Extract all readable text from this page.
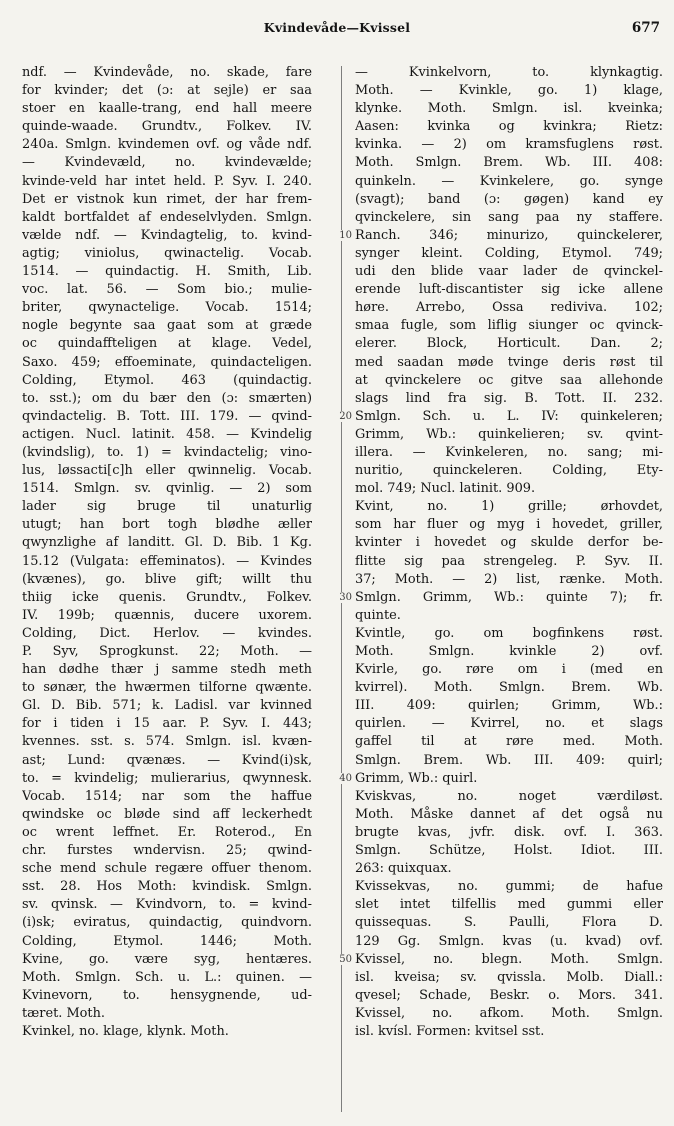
Kvindevåde—Kvissel	677
ndf. — Kvindevåde, no. skade, fare
for kvinder; det (ɔ: at sejle) er saa
stoer en kaalle-trang, end hall meere
quinde-waade. Grundtv., Folkev. IV.
240a. Smlgn. kvindemen ovf. og våde ndf.
— Kvindevæld, no. kvindevælde;
kvinde-veld har intet held. P. Syv. I. 240.
Det er vistnok kun rimet, der har frem-
kaldt bortfaldet af endeselvlyden. Smlgn.
vælde ndf. — Kvindagtelig, to. kvind-
agtig; viniolus, qwinactelig. Vocab.
1514. — quindactig. H. Smith, Lib.
voc. lat. 56. — Som bio.; mulie-
briter, qwynactelige. Vocab. 1514;
nogle begynte saa gaat som at græde
oc quindaffteligen at klage. Vedel,
Saxo. 459; effoeminate, quindacteligen.
Colding, Etymol. 463 (quindactig.
to. sst.); om du bær den (ɔ: smærten)
qvindactelig. B. Tott. III. 179. — qvind-
actigen. Nucl. latinit. 458. — Kvindelig
(kvindslig), to. 1) = kvindactelig; vino-
lus, løssacti[c]h eller qwinnelig. Vocab.
1514. Smlgn. sv. qvinlig. — 2) som
lader sig bruge til unaturlig
utugt; han bort togh blødhe æller
qwynzlighe af landitt. Gl. D. Bib. 1 Kg.
15.12 (Vulgata: effeminatos). — Kvindes
(kvænes), go. blive gift; willt thu
thiig icke quenis. Grundtv., Folkev.
IV. 199b; quænnis, ducere uxorem.
Colding, Dict. Herlov. — kvindes.
P. Syv, Sprogkunst. 22; Moth. —
han dødhe thær j samme stedh meth
to sønær, the hwærmen tilforne qwænte.
Gl. D. Bib. 571; k. Ladisl. var kvinned
for i tiden i 15 aar. P. Syv. I. 443;
kvennes. sst. s. 574. Smlgn. isl. kvæn-
ast; Lund: qvænæs. — Kvind(i)sk,
to. = kvindelig; mulierarius, qwynnesk.
Vocab. 1514; nar som the haffue
qwindske oc bløde sind aff leckerhedt
oc wrent leffnet. Er. Roterod., En
chr. furstes wndervisn. 25; qwind-
sche mend schule regære offuer thenom.
sst. 28. Hos Moth: kvindisk. Smlgn.
sv. qvinsk. — Kvindvorn, to. = kvind-
(i)sk; eviratus, quindactig, quindvorn.
Colding, Etymol. 1446; Moth.
Kvine, go. være syg, hentæres.
Moth. Smlgn. Sch. u. L.: quinen. —
Kvinevorn, to. hensygnende, ud-
tæret. Moth.
Kvinkel, no. klage, klynk. Moth.
— Kvinkelvorn, to. klynkagtig.
Moth. — Kvinkle, go. 1) klage,
klynke. Moth. Smlgn. isl. kveinka;
Aasen: kvinka og kvinkra; Rietz:
kvinka. — 2) om kramsfuglens røst.
Moth. Smlgn. Brem. Wb. III. 408:
quinkeln. — Kvinkelere, go. synge
(svagt); band (ɔ: gøgen) kand ey
qvinckelere, sin sang paa ny staffere.
Ranch. 346; minurizo, quinckelerer,
synger kleint. Colding, Etymol. 749;
udi den blide vaar lader de qvinckel-
erende luft-discantister sig icke allene
høre. Arrebo, Ossa rediviva. 102;
smaa fugle, som liflig siunger oc qvinck-
elerer. Block, Horticult. Dan. 2;
med saadan møde tvinge deris røst til
at qvinckelere oc gitve saa allehonde
slags lind fra sig. B. Tott. II. 232.
Smlgn. Sch. u. L. IV: quinkeleren;
Grimm, Wb.: quinkelieren; sv. qvint-
illera. — Kvinkeleren, no. sang; mi-
nuritio, quinckeleren. Colding, Ety-
mol. 749; Nucl. latinit. 909.
Kvint, no. 1) grille; ørhovdet,
som har fluer og myg i hovedet, griller,
kvinter i hovedet og skulde derfor be-
flitte sig paa strengeleg. P. Syv. II.
37; Moth. — 2) list, rænke. Moth.
Smlgn. Grimm, Wb.: quinte 7); fr.
quinte.
Kvintle, go. om bogfinkens røst.
Moth. Smlgn. kvinkle 2) ovf.
Kvirle, go. røre om i (med en
kvirrel). Moth. Smlgn. Brem. Wb.
III. 409: quirlen; Grimm, Wb.:
quirlen. — Kvirrel, no. et slags
gaffel til at røre med. Moth.
Smlgn. Brem. Wb. III. 409: quirl;
Grimm, Wb.: quirl.
Kviskvas, no. noget værdiløst.
Moth. Måske dannet af det også nu
brugte kvas, jvfr. disk. ovf. I. 363.
Smlgn. Schütze, Holst. Idiot. III.
263: quixquax.
Kvissekvas, no. gummi; de hafue
slet intet tilfellis med gummi eller
quissequas. S. Paulli, Flora D.
129 Gg. Smlgn. kvas (u. kvad) ovf.
Kvissel, no. blegn. Moth. Smlgn.
isl. kveisa; sv. qvissla. Molb. Diall.:
qvesel; Schade, Beskr. o. Mors. 341.
Kvissel, no. afkom. Moth. Smlgn.
isl. kvísl. Formen: kvitsel sst.
10
20
30
40
50
